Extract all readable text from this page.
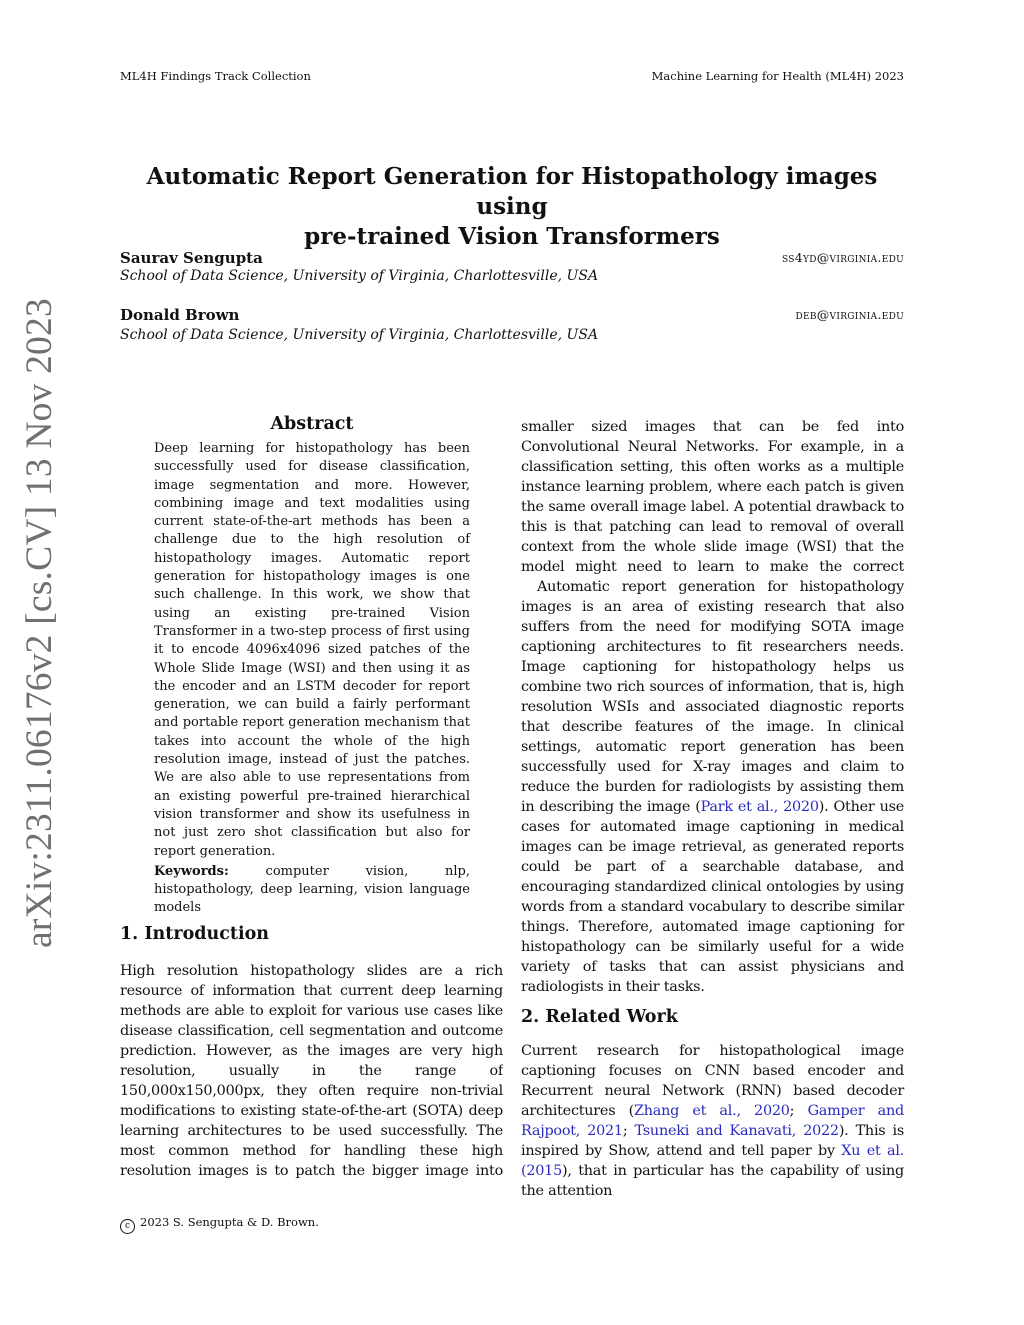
ML4H Findings Track Collection	Machine Learning for Health (ML4H) 2023
arXiv:2311.06176v2 [cs.CV] 13 Nov 2023
Automatic Report Generation for Histopathology images using
pre-trained Vision Transformers
Saurav Sengupta	ss4yd@virginia.edu
School of Data Science, University of Virginia, Charlottesville, USA
Donald Brown	deb@virginia.edu
School of Data Science, University of Virginia, Charlottesville, USA
Abstract

Deep learning for histopathology has been successfully used for disease classification, image segmentation and more. However, combining image and text modalities using current state-of-the-art methods has been a challenge due to the high resolution of histopathology images. Automatic report generation for histopathology images is one such challenge. In this work, we show that using an existing pre-trained Vision Transformer in a two-step process of first using it to encode 4096x4096 sized patches of the Whole Slide Image (WSI) and then using it as the encoder and an LSTM decoder for report generation, we can build a fairly performant and portable report generation mechanism that takes into account the whole of the high resolution image, instead of just the patches. We are also able to use representations from an existing powerful pre-trained hierarchical vision transformer and show its usefulness in not just zero shot classification but also for report generation.

Keywords:	computer vision, nlp, histopathology, deep learning, vision language models

1. Introduction

High resolution histopathology slides are a rich resource of information that current deep learning methods are able to exploit for various use cases like disease classification, cell segmentation and outcome prediction. However, as the images are very high resolution, usually in the range of 150,000x150,000px, they often require non-trivial modifications to existing state-of-the-art (SOTA) deep learning architectures to be used successfully. The most common method for handling these high resolution images is to patch the bigger image into

smaller sized images that can be fed into Convolutional Neural Networks. For example, in a classification setting, this often works as a multiple instance learning problem, where each patch is given the same overall image label. A potential drawback to this is that patching can lead to removal of overall context from the whole slide image (WSI) that the model might need to learn to make the correct

Automatic report generation for histopathology images is an area of existing research that also suffers from the need for modifying SOTA image captioning architectures to fit researchers needs. Image captioning for histopathology helps us combine two rich sources of information, that is, high resolution WSIs and associated diagnostic reports that describe features of the image. In clinical settings, automatic report generation has been successfully used for X-ray images and claim to reduce the burden for radiologists by assisting them in describing the image (Park et al., 2020). Other use cases for automated image captioning in medical images can be image retrieval, as generated reports could be part of a searchable database, and encouraging standardized clinical ontologies by using words from a standard vocabulary to describe similar things. Therefore, automated image captioning for histopathology can be similarly useful for a wide variety of tasks that can assist physicians and radiologists in their tasks.

2. Related Work

Current research for histopathological image captioning focuses on CNN based encoder and Recurrent neural Network (RNN) based decoder architectures (Zhang et al., 2020; Gamper and Rajpoot, 2021; Tsuneki and Kanavati, 2022). This is inspired by Show, attend and tell paper by Xu et al. (2015), that in particular has the capability of using the attention

c 2023 S. Sengupta & D. Brown.
